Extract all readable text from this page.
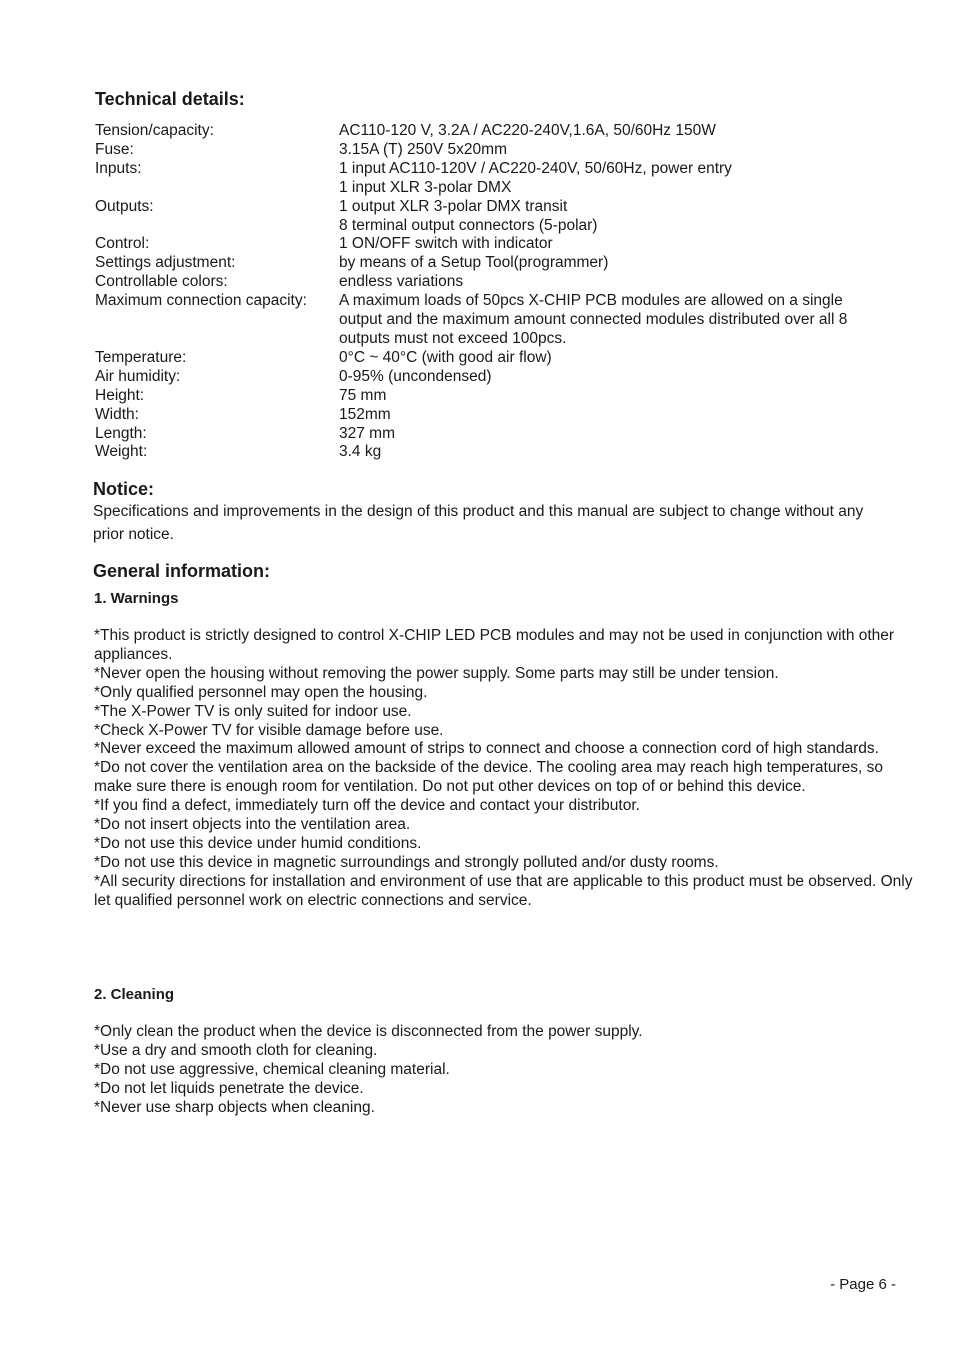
Technical details:
Tension/capacity:	AC110-120 V, 3.2A / AC220-240V,1.6A, 50/60Hz 150W
Fuse:	3.15A (T) 250V 5x20mm
Inputs:	1 input AC110-120V / AC220-240V, 50/60Hz, power entry
1 input XLR 3-polar DMX
Outputs:	1 output XLR 3-polar DMX transit
8 terminal output connectors (5-polar)
Control:	1 ON/OFF switch with indicator
Settings adjustment:	by means of a Setup Tool(programmer)
Controllable colors:	endless variations
Maximum connection capacity:	A maximum loads of 50pcs X-CHIP PCB modules are allowed on a single
output and the maximum amount connected modules distributed over all 8
outputs must not exceed 100pcs.
Temperature:	0°C ~ 40°C (with good air flow)
Air humidity:	0-95% (uncondensed)
Height:	75 mm
Width:	152mm
Length:	327 mm
Weight:	3.4 kg
Notice:

Specifications and improvements in the design of this product and this manual are subject to change without any prior notice.

General information:
1. Warnings
*This product is strictly designed to control X-CHIP LED PCB modules and may not be used in conjunction with other appliances.
*Never open the housing without removing the power supply. Some parts may still be under tension.
*Only qualified personnel may open the housing.
*The X-Power TV is only suited for indoor use.
*Check X-Power TV for visible damage before use.
*Never exceed the maximum allowed amount of strips to connect and choose a connection cord of high standards.
*Do not cover the ventilation area on the backside of the device. The cooling area may reach high temperatures, so make sure there is enough room for ventilation. Do not put other devices on top of or behind this device.
*If you find a defect, immediately turn off the device and contact your distributor.
*Do not insert objects into the ventilation area.
*Do not use this device under humid conditions.
*Do not use this device in magnetic surroundings and strongly polluted and/or dusty rooms.
*All security directions for installation and environment of use that are applicable to this product must be observed. Only let qualified personnel work on electric connections and service.
2. Cleaning
*Only clean the product when the device is disconnected from the power supply.
*Use a dry and smooth cloth for cleaning.
*Do not use aggressive, chemical cleaning material.
*Do not let liquids penetrate the device.
*Never use sharp objects when cleaning.
- Page 6 -
